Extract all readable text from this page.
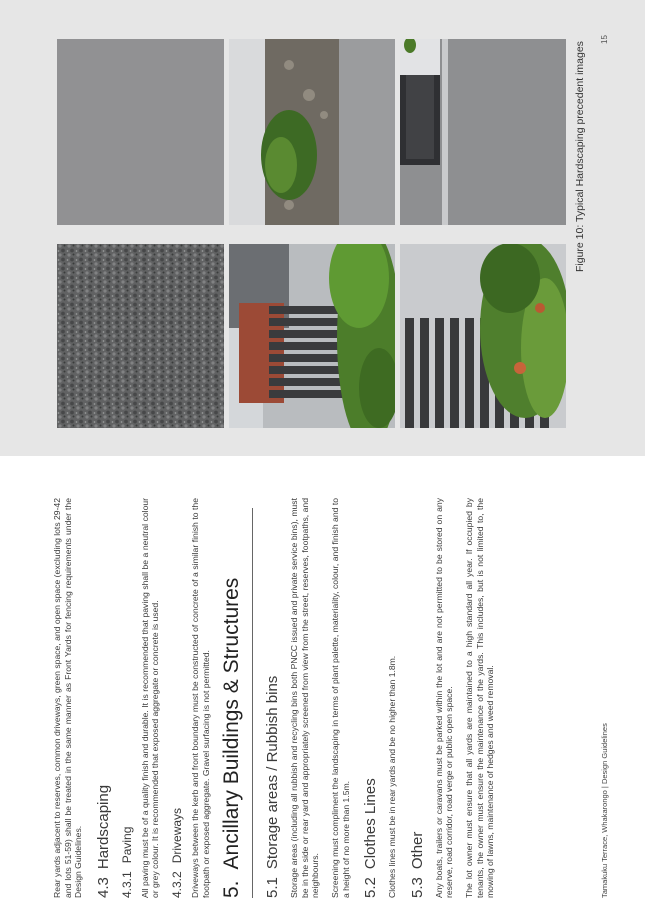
Rear yards adjacent to reserves, common driveways, green space, and open space (excluding lots 29-42 and lots 51-59) shall be treated in the same manner as Front Yards for fencing requirements under the Design Guidelines. 4.3Hardscaping
4.3.1Paving All paving must be of a quality finish and durable. It is recommended that paving shall be a neutral colour or grey colour. It is recommended that exposed aggregate or concrete is used. 4.3.2Driveways Driveways between the kerb and front boundary must be constructed of concrete of a similar finish to the footpath or exposed aggregate. Gravel surfacing is not permitted. 5.Ancillary Buildings & Structures
5.1Storage areas / Rubbish bins Storage areas (including all rubbish and recycling bins both PNCC issued and private service bins), must be in the side or rear yard and appropriately screened from view from the street, reserves, footpaths, and neighbours. Screening must compliment the landscaping in terms of plant palette, materiality, colour, and finish and to a height of no more than 1.5m. 5.2Clothes Lines Clothes lines must be in rear yards and be no higher than 1.8m. 5.3Other Any boats, trailers or caravans must be parked within the lot and are not permitted to be stored on any reserve, road corridor, road verge or public open space. The lot owner must ensure that all yards are maintained to a high standard all year. If occupied by tenants, the owner must ensure the maintenance of the yards. This includes, but is not limited to, the mowing of lawns, maintenance of hedges and weed removal.	Tamakuku Terrace, Whakarongo | Design Guidelines
Figure 10: Typical Hardscaping precedent images
15
